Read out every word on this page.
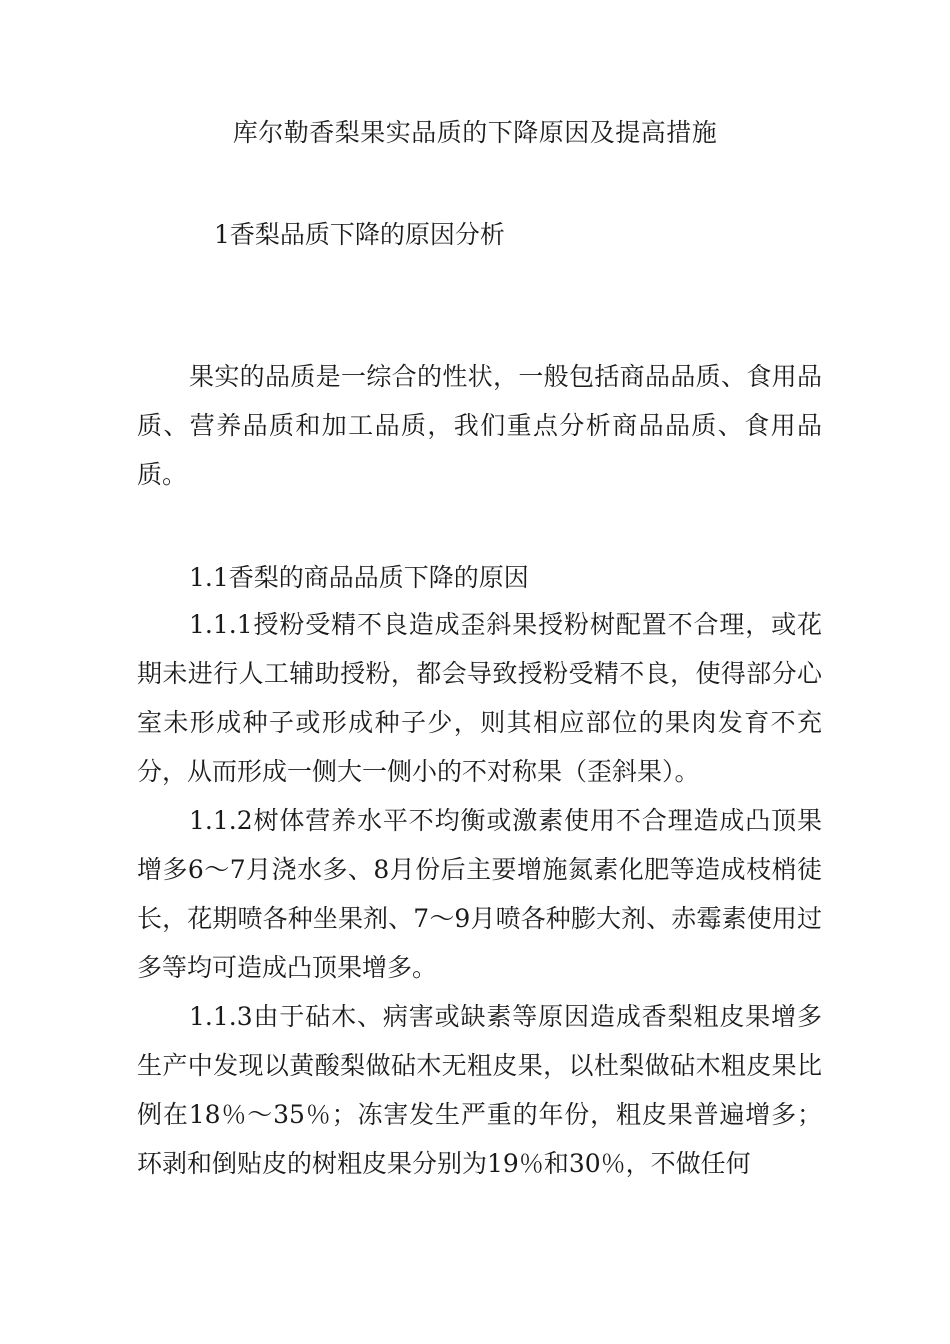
库尔勒香梨果实品质的下降原因及提高措施
1香梨品质下降的原因分析

果实的品质是一综合的性状，一般包括商品品质、食用品质、营养品质和加工品质，我们重点分析商品品质、食用品质。

1.1香梨的商品品质下降的原因

1.1.1授粉受精不良造成歪斜果授粉树配置不合理，或花期未进行人工辅助授粉，都会导致授粉受精不良，使得部分心室未形成种子或形成种子少，则其相应部位的果肉发育不充分，从而形成一侧大一侧小的不对称果（歪斜果）。

1.1.2树体营养水平不均衡或激素使用不合理造成凸顶果增多6〜7月浇水多、8月份后主要增施氮素化肥等造成枝梢徒长，花期喷各种坐果剂、7〜9月喷各种膨大剂、赤霉素使用过多等均可造成凸顶果增多。

1.1.3由于砧木、病害或缺素等原因造成香梨粗皮果增多生产中发现以黄酸梨做砧木无粗皮果，以杜梨做砧木粗皮果比例在18％〜35％；冻害发生严重的年份，粗皮果普遍增多；环剥和倒贴皮的树粗皮果分别为19％和30％，不做任何
